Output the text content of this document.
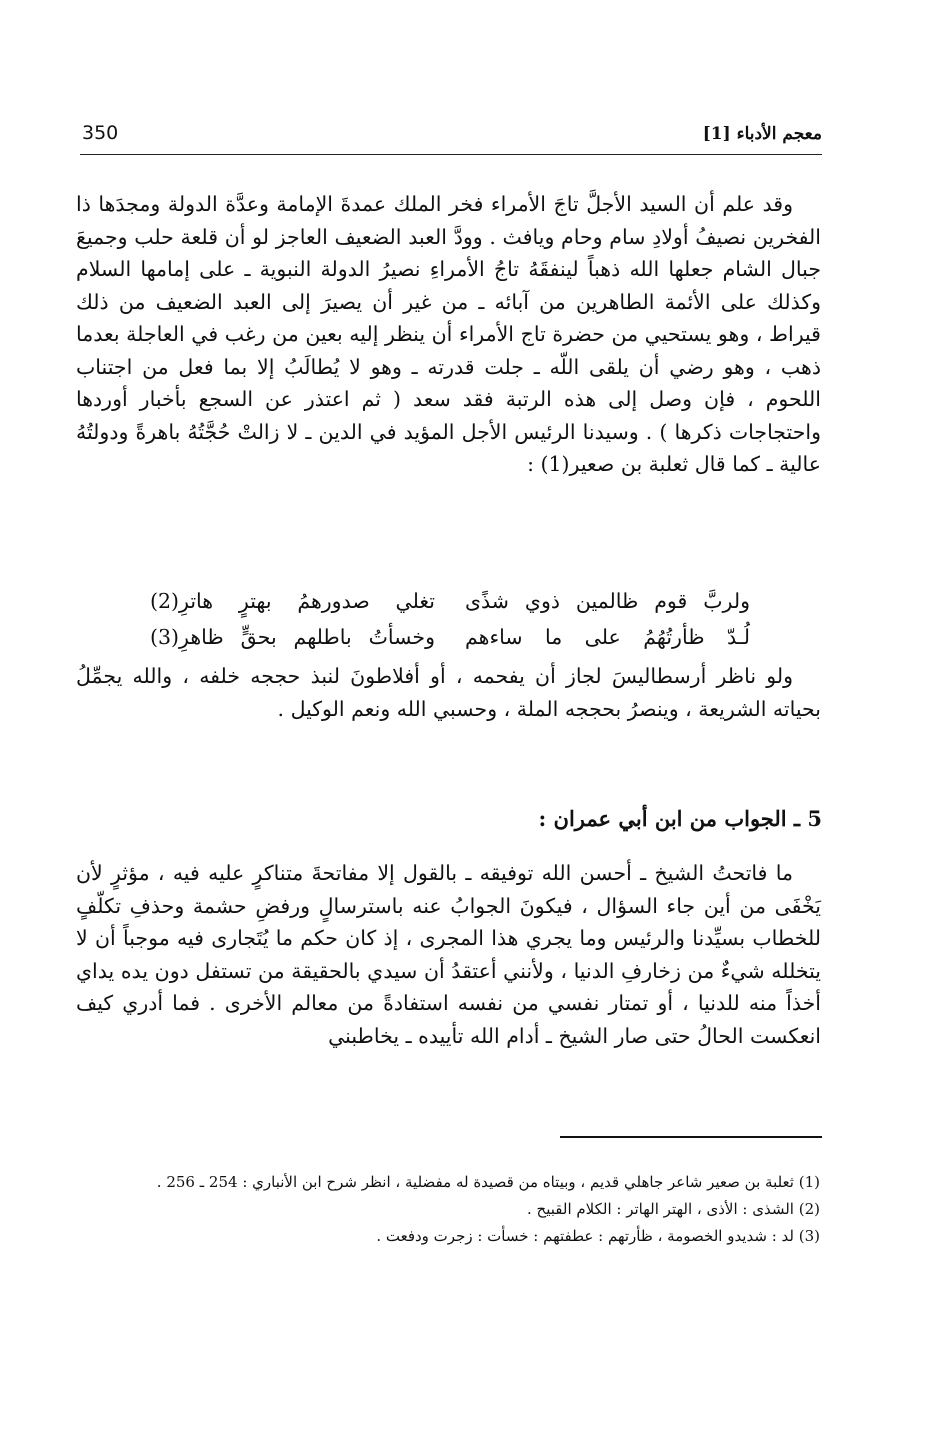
معجم الأدباء [1]
350

وقد علم أن السيد الأجلَّ تاجَ الأمراء فخر الملك عمدةَ الإمامة وعدَّة الدولة ومجدَها ذا الفخرين نصيفُ أولادِ سام وحام ويافث . وودَّ العبد الضعيف العاجز لو أن قلعة حلب وجميعَ جبال الشام جعلها الله ذهباً لينفقَهُ تاجُ الأمراءِ نصيرُ الدولة النبوية ـ على إمامها السلام وكذلك على الأئمة الطاهرين من آبائه ـ من غير أن يصيرَ إلى العبد الضعيف من ذلك قيراط ، وهو يستحيي من حضرة تاج الأمراء أن ينظر إليه بعين من رغب في العاجلة بعدما ذهب ، وهو رضي أن يلقى اللّه ـ جلت قدرته ـ وهو لا يُطالَبُ إلا بما فعل من اجتناب اللحوم ، فإن وصل إلى هذه الرتبة فقد سعد ( ثم اعتذر عن السجع بأخبار أوردها واحتجاجات ذكرها ) . وسيدنا الرئيس الأجل المؤيد في الدين ـ لا زالتْ حُجَّتُهُ باهرةً ودولتُهُ عالية ـ كما قال ثعلبة بن صعير(1) :

ولربَّ قوم ظالمين ذوي شذًى
تغلي صدورهمُ بهترٍ هاترِ(2)
لُـدّ ظأرتُهُمُ على ما ساءهم
وخسأتُ باطلهم بحقٍّ ظاهرِ(3)

ولو ناظر أرسطاليسَ لجاز أن يفحمه ، أو أفلاطونَ لنبذ حججه خلفه ، والله يجمِّلُ بحياته الشريعة ، وينصرُ بحججه الملة ، وحسبي الله ونعم الوكيل .

5 ـ الجواب من ابن أبي عمران :

ما فاتحتُ الشيخ ـ أحسن الله توفيقه ـ بالقول إلا مفاتحةَ متناكرٍ عليه فيه ، مؤثرٍ لأن يَخْفَى من أين جاء السؤال ، فيكونَ الجوابُ عنه باسترسالٍ ورفضِ حشمة وحذفِ تكلّفٍ للخطاب بسيِّدنا والرئيس وما يجري هذا المجرى ، إذ كان حكم ما يُتَجارى فيه موجباً أن لا يتخلله شيءٌ من زخارفِ الدنيا ، ولأنني أعتقدُ أن سيدي بالحقيقة من تستفل دون يده يداي أخذاً منه للدنيا ، أو تمتار نفسي من نفسه استفادةً من معالم الأخرى . فما أدري كيف انعكست الحالُ حتى صار الشيخ ـ أدام الله تأييده ـ يخاطبني

(1) ثعلبة بن صعير شاعر جاهلي قديم ، وبيتاه من قصيدة له مفضلية ، انظر شرح ابن الأنباري : 254 ـ 256 .
(2) الشذى : الأذى ، الهتر الهاتر : الكلام القبيح .
(3) لد : شديدو الخصومة ، ظأرتهم : عطفتهم : خسأت : زجرت ودفعت .
